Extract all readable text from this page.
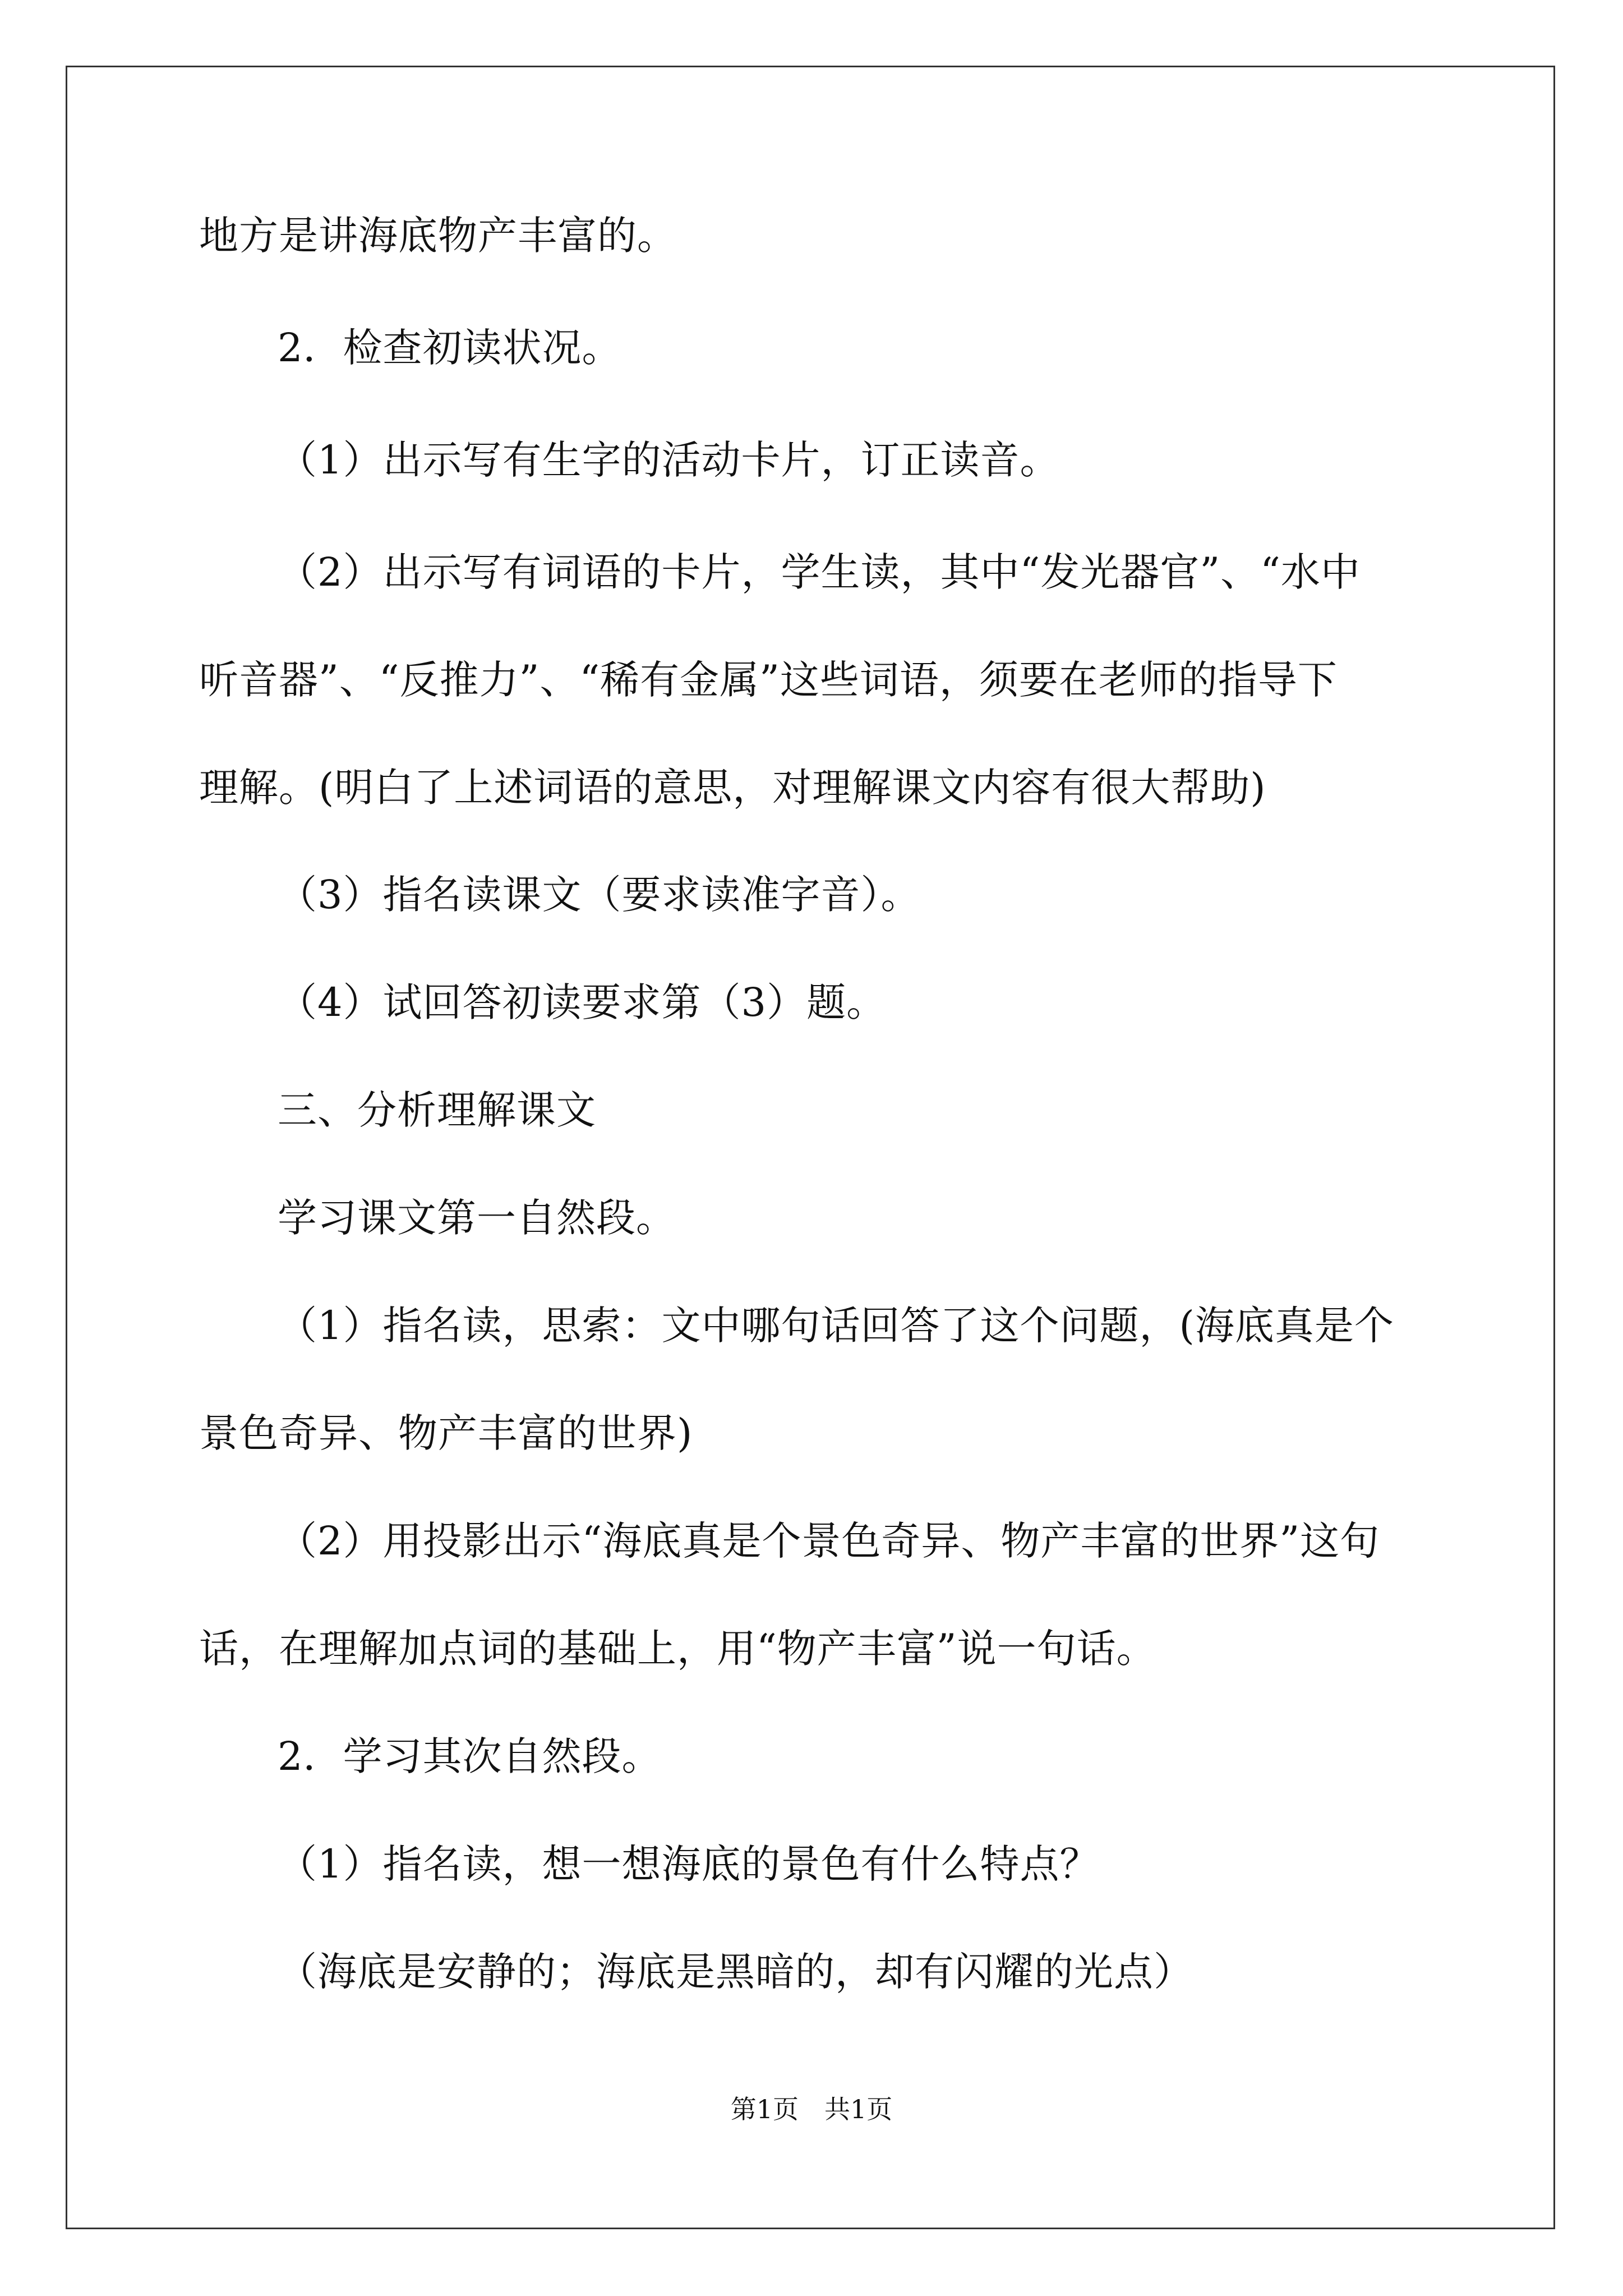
地方是讲海底物产丰富的。
2．检查初读状况。
（1）出示写有生字的活动卡片，订正读音。
（2）出示写有词语的卡片，学生读，其中“发光器官”、“水中
听音器”、“反推力”、“稀有金属”这些词语，须要在老师的指导下
理解。(明白了上述词语的意思，对理解课文内容有很大帮助)
（3）指名读课文（要求读准字音）。
（4）试回答初读要求第（3）题。
三、分析理解课文
学习课文第一自然段。
（1）指名读，思索：文中哪句话回答了这个问题，(海底真是个
景色奇异、物产丰富的世界)
（2）用投影出示“海底真是个景色奇异、物产丰富的世界”这句
话，在理解加点词的基础上，用“物产丰富”说一句话。
2．学习其次自然段。
（1）指名读，想一想海底的景色有什么特点？
（海底是安静的；海底是黑暗的，却有闪耀的光点）
第1页　共1页
